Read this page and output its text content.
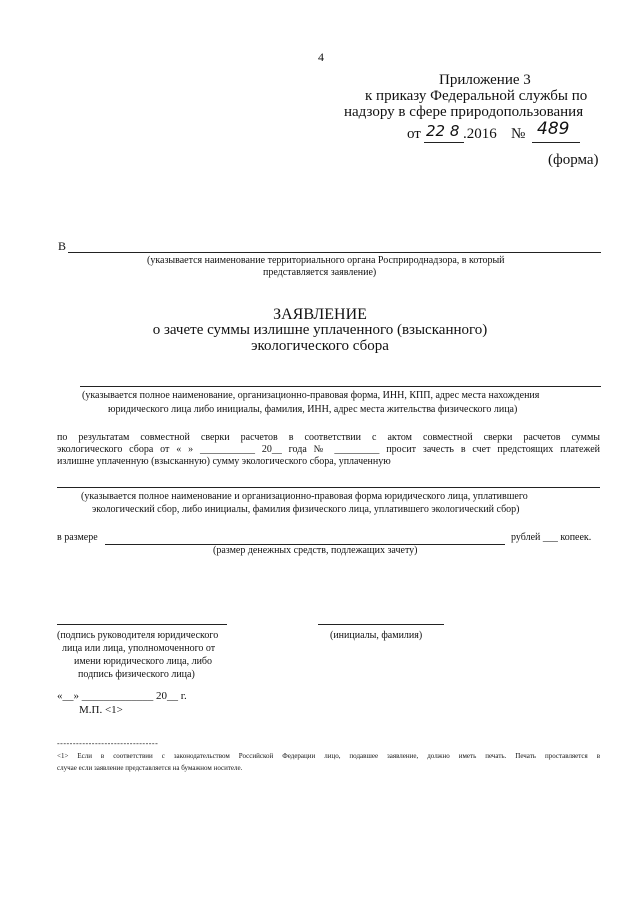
4
Приложение 3
к приказу Федеральной службы по
надзору в сфере природопользования
от 22 8 .2016 № 489
(форма)
В
(указывается наименование территориального органа Росприроднадзора, в который
представляется заявление)
ЗАЯВЛЕНИЕ
о зачете суммы излишне уплаченного (взысканного)
экологического сбора
(указывается полное наименование, организационно-правовая форма, ИНН, КПП, адрес места нахождения
юридического лица либо инициалы, фамилия, ИНН, адрес места жительства физического лица)
по результатам совместной сверки расчетов в соответствии с актом совместной сверки расчетов суммы
экологического сбора от « » ___________ 20__ года № _________ просит зачесть в счет предстоящих платежей
излишне уплаченную (взысканную) сумму экологического сбора, уплаченную
(указывается полное наименование и организационно-правовая форма юридического лица, уплатившего
экологический сбор, либо инициалы, фамилия физического лица, уплатившего экологический сбор)
в размере	рублей ___ копеек.
(размер денежных средств, подлежащих зачету)
(подпись руководителя юридического
лица или лица, уполномоченного от
имени юридического лица, либо
подпись физического лица)
(инициалы, фамилия)
«__» _____________ 20__ г.
М.П. <1>
--------------------------------
<1> Если в соответствии с законодательством Российской Федерации лицо, подавшее заявление, должно иметь печать. Печать проставляется в
случае если заявление представляется на бумажном носителе.
